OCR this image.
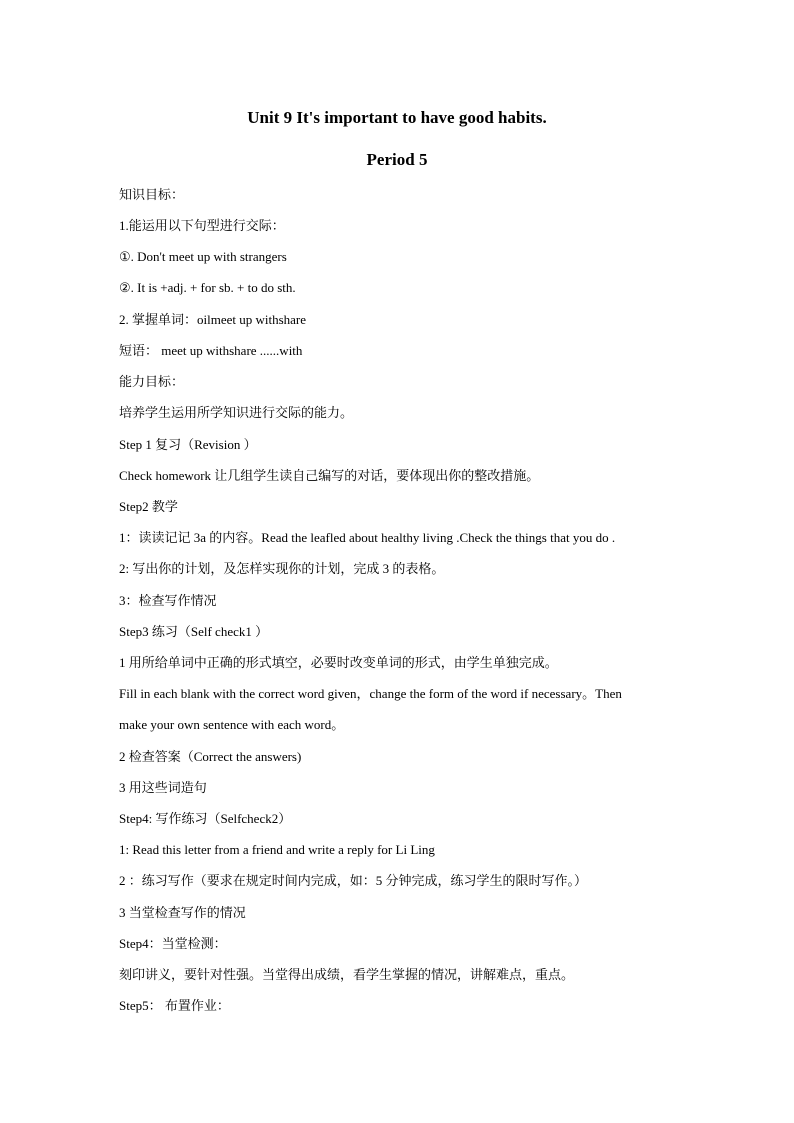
Unit 9 It's important to have good habits.
Period 5
知识目标：
1.能运用以下句型进行交际：
①. Don't meet up with strangers
②. It is +adj. + for sb. + to do sth.
2. 掌握单词：oilmeet up withshare
短语： meet up withshare ......with
能力目标：
培养学生运用所学知识进行交际的能力。
Step 1 复习（Revision ）
Check homework 让几组学生读自己编写的对话，要体现出你的整改措施。
Step2 教学
1：读读记记 3a 的内容。Read the leafled about healthy living .Check the things that you do .
2: 写出你的计划，及怎样实现你的计划，完成 3 的表格。
3：检查写作情况
Step3 练习（Self check1 ）
1 用所给单词中正确的形式填空，必要时改变单词的形式，由学生单独完成。
Fill in each blank with the correct word given，change the form of the word if necessary。Then
make your own sentence with each word。
2 检查答案（Correct the answers)
3 用这些词造句
Step4: 写作练习（Selfcheck2）
1: Read this letter from a friend and write a reply for Li Ling
2 ：练习写作（要求在规定时间内完成，如：5 分钟完成，练习学生的限时写作。）
3 当堂检查写作的情况
Step4：当堂检测：
刻印讲义，要针对性强。当堂得出成绩，看学生掌握的情况，讲解难点，重点。
Step5： 布置作业：
